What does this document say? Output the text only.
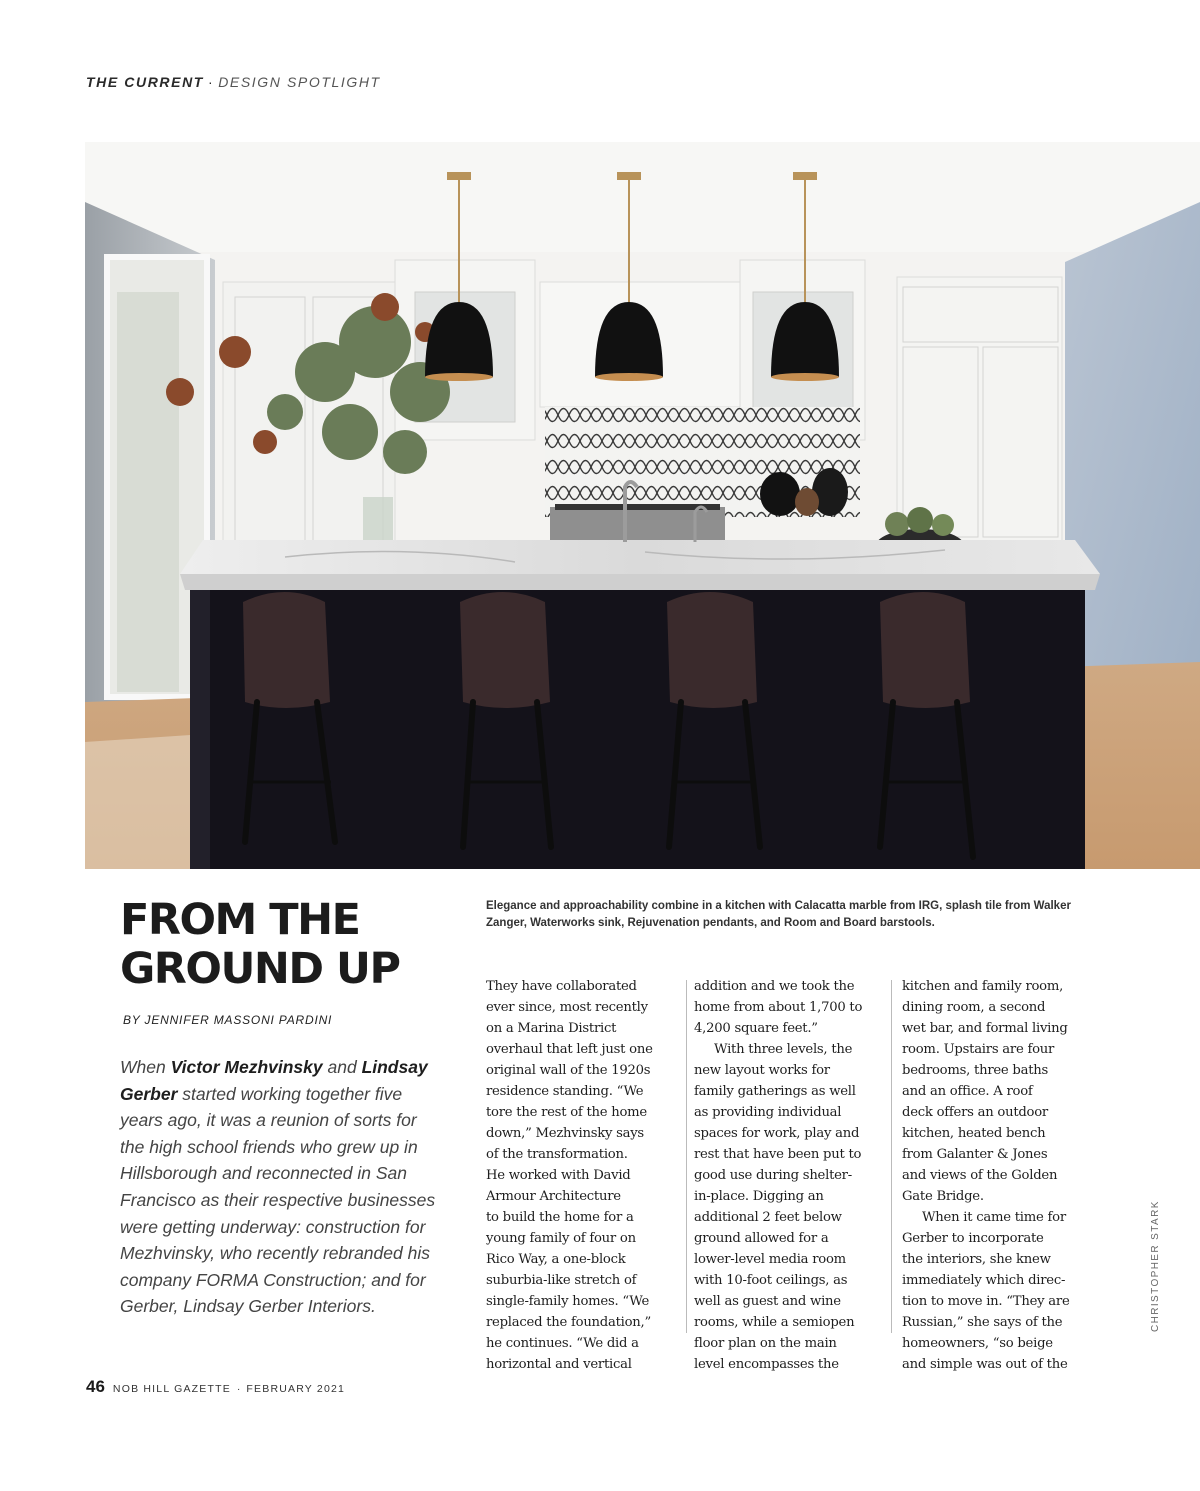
THE CURRENT · DESIGN SPOTLIGHT
FROM THE
GROUND UP
BY JENNIFER MASSONI PARDINI

When Victor Mezhvinsky and Lindsay Gerber started working together five years ago, it was a reunion of sorts for the high school friends who grew up in Hillsborough and reconnected in San Francisco as their respective businesses were getting underway: construction for Mezhvinsky, who recently rebranded his company FORMA Construction; and for Gerber, Lindsay Gerber Interiors.

Elegance and approachability combine in a kitchen with Calacatta marble from IRG, splash tile from Walker Zanger, Waterworks sink, Rejuvenation pendants, and Room and Board barstools.

They have collaborated
ever since, most recently
on a Marina District
overhaul that left just one
original wall of the 1920s
residence standing. “We
tore the rest of the home
down,” Mezhvinsky says
of the transformation.
He worked with David
Armour Architecture
to build the home for a
young family of four on
Rico Way, a one-block
suburbia-like stretch of
single-family homes. “We
replaced the foundation,”
he continues. “We did a
horizontal and vertical
addition and we took the
home from about 1,700 to
4,200 square feet.”
With three levels, the
new layout works for
family gatherings as well
as providing individual
spaces for work, play and
rest that have been put to
good use during shelter-
in-place. Digging an
additional 2 feet below
ground allowed for a
lower-level media room
with 10-foot ceilings, as
well as guest and wine
rooms, while a semiopen
floor plan on the main
level encompasses the
kitchen and family room,
dining room, a second
wet bar, and formal living
room. Upstairs are four
bedrooms, three baths
and an office. A roof
deck offers an outdoor
kitchen, heated bench
from Galanter & Jones
and views of the Golden
Gate Bridge.
When it came time for
Gerber to incorporate
the interiors, she knew
immediately which direc-
tion to move in. “They are
Russian,” she says of the
homeowners, “so beige
and simple was out of the
CHRISTOPHER STARK
46 NOB HILL GAZETTE · FEBRUARY 2021
